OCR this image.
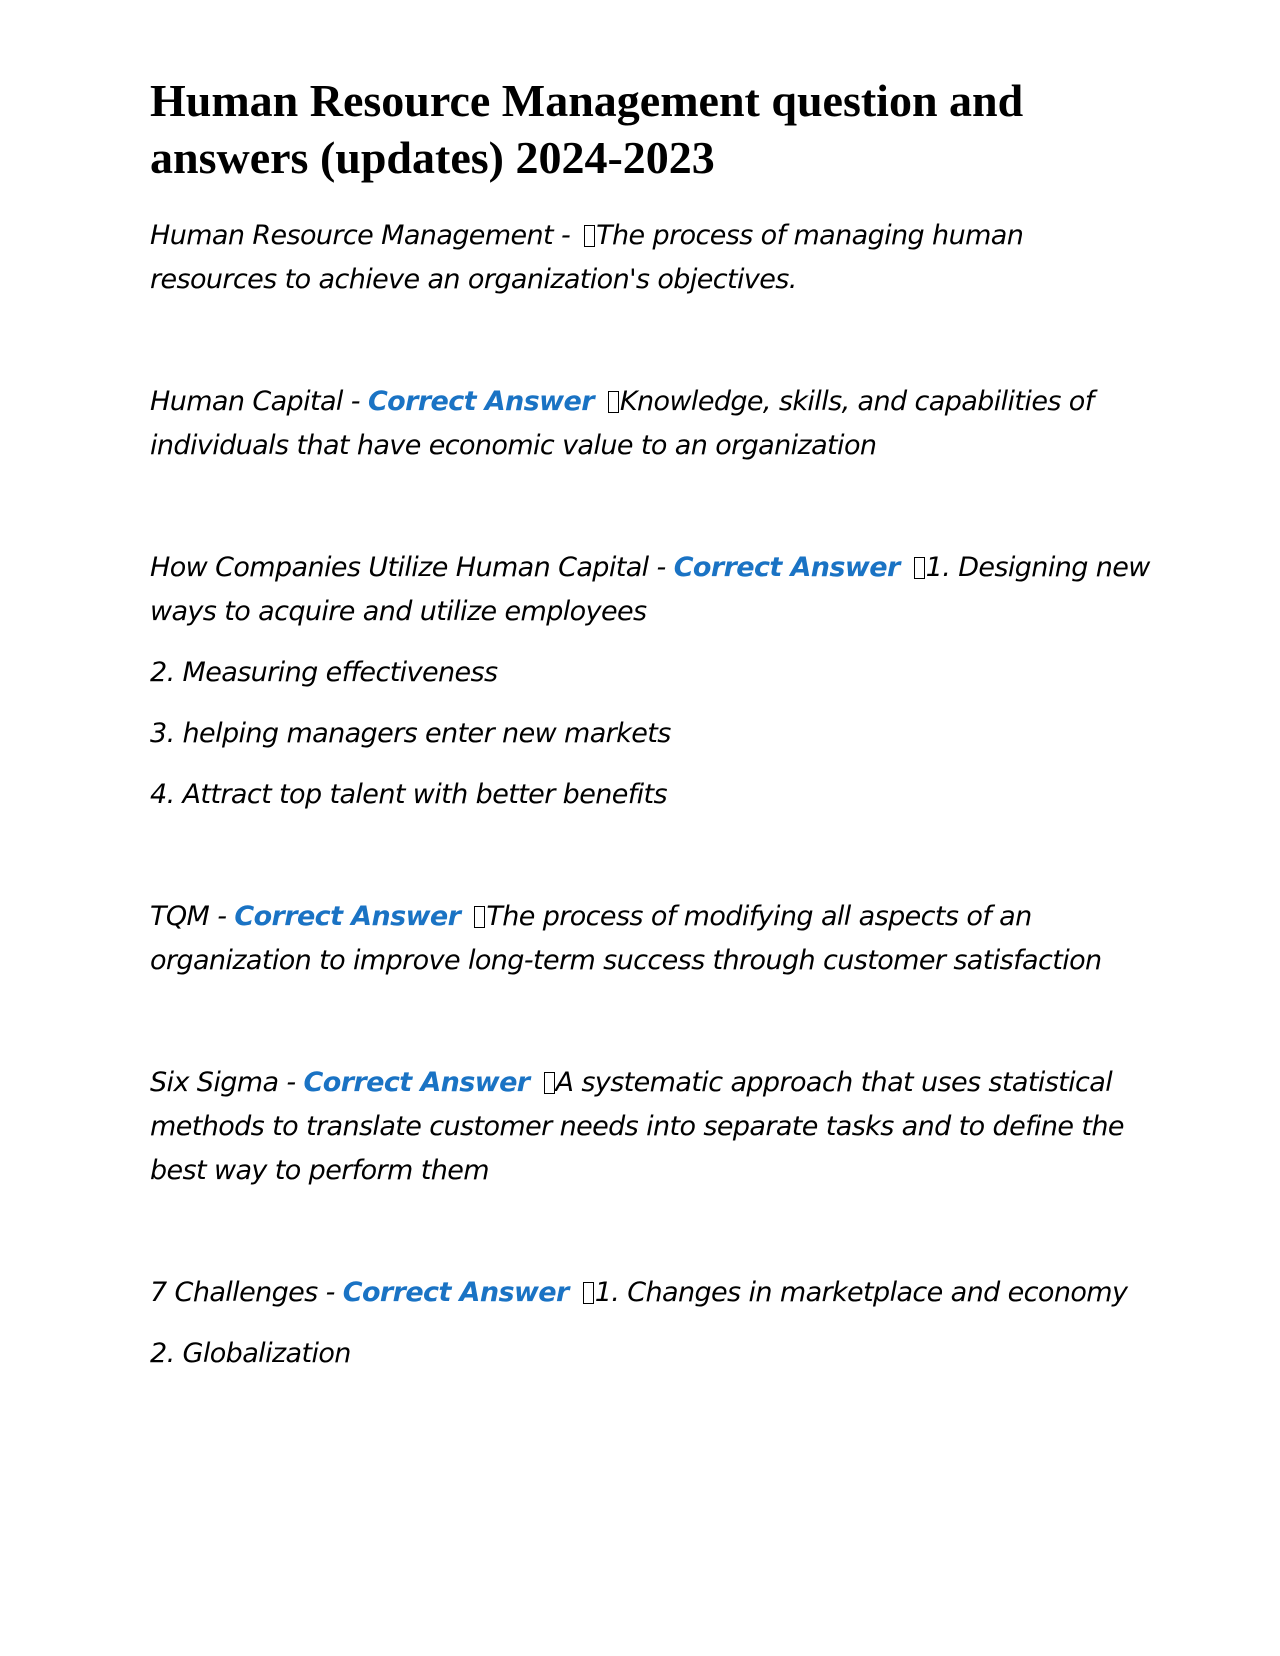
Human Resource Management question and answers (updates) 2024-2023

Human Resource Management - The process of managing human resources to achieve an organization's objectives.

Human Capital - Correct Answer Knowledge, skills, and capabilities of individuals that have economic value to an organization

How Companies Utilize Human Capital - Correct Answer 1. Designing new ways to acquire and utilize employees

2. Measuring effectiveness

3. helping managers enter new markets

4. Attract top talent with better benefits

TQM - Correct Answer The process of modifying all aspects of an organization to improve long-term success through customer satisfaction

Six Sigma - Correct Answer A systematic approach that uses statistical methods to translate customer needs into separate tasks and to define the best way to perform them

7 Challenges - Correct Answer 1. Changes in marketplace and economy

2. Globalization
